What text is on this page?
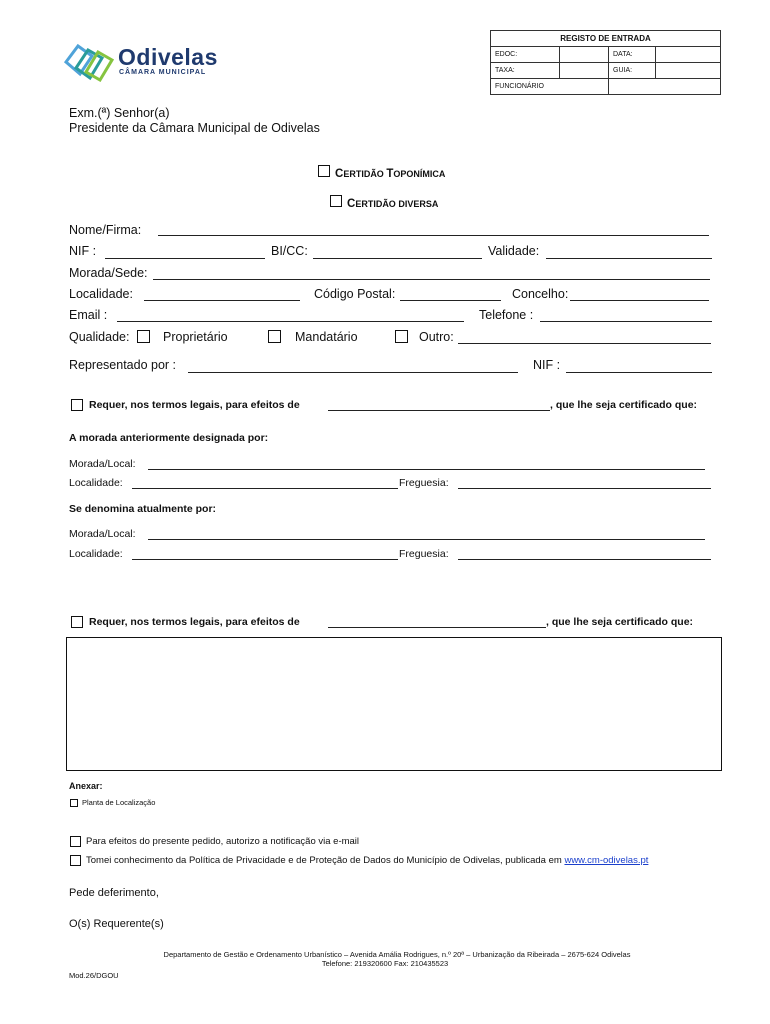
Odivelas
CÂMARA MUNICIPAL
REGISTO DE ENTRADA			
EDOC:		DATA:	
TAXA:		GUIA:	
FUNCIONÁRIO			
Exm.(ª) Senhor(a)
Presidente da Câmara Municipal de Odivelas
CERTIDÃO TOPONÍMICA
CERTIDÃO DIVERSA
Nome/Firma:
NIF :	BI/CC:	Validade:
Morada/Sede:
Localidade:	Código Postal:	Concelho:
Email :	Telefone :
Qualidade:	Proprietário	Mandatário	Outro:
Representado por :	NIF :
Requer, nos termos legais, para efeitos de	, que lhe seja certificado que:
A morada anteriormente designada por:
Morada/Local:
Localidade:	Freguesia:
Se denomina atualmente por:
Morada/Local:
Localidade:	Freguesia:
Requer, nos termos legais, para efeitos de	, que lhe seja certificado que:
Anexar:
Planta de Localização
Para efeitos do presente pedido, autorizo a notificação via e-mail
Tomei conhecimento da Política de Privacidade e de Proteção de Dados do Município de Odivelas, publicada em www.cm-odivelas.pt
Pede deferimento,
O(s) Requerente(s)
Departamento de Gestão e Ordenamento Urbanístico – Avenida Amália Rodrigues, n.º 20ª – Urbanização da Ribeirada – 2675-624 Odivelas
Telefone: 219320600 Fax: 210435523
Mod.26/DGOU
